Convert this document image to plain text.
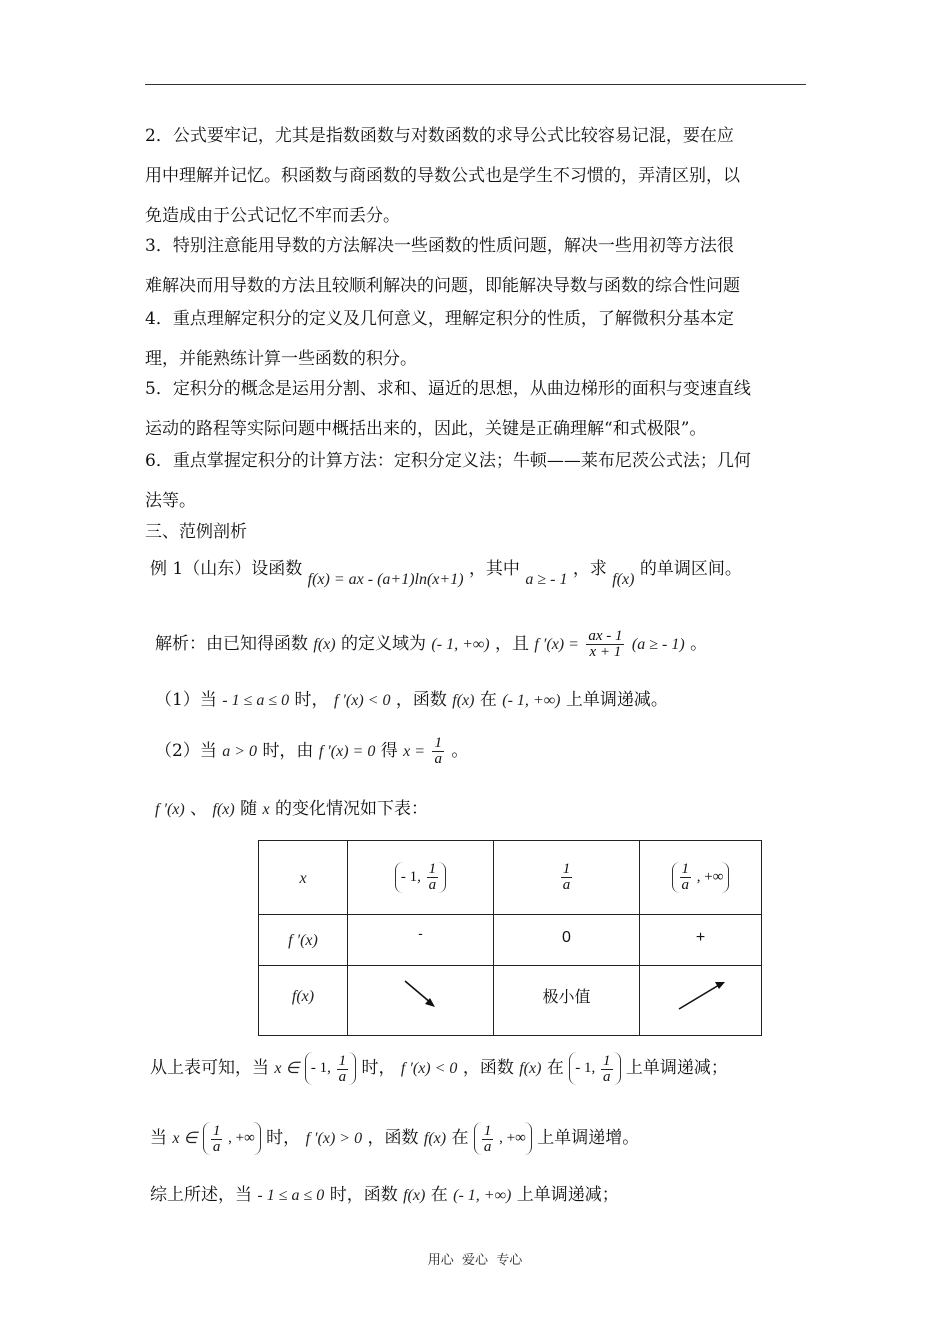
2．公式要牢记，尤其是指数函数与对数函数的求导公式比较容易记混，要在应
用中理解并记忆。积函数与商函数的导数公式也是学生不习惯的，弄清区别，以
免造成由于公式记忆不牢而丢分。
3．特别注意能用导数的方法解决一些函数的性质问题，解决一些用初等方法很
难解决而用导数的方法且较顺利解决的问题，即能解决导数与函数的综合性问题
4．重点理解定积分的定义及几何意义，理解定积分的性质，了解微积分基本定
理，并能熟练计算一些函数的积分。
5．定积分的概念是运用分割、求和、逼近的思想，从曲边梯形的面积与变速直线
运动的路程等实际问题中概括出来的，因此，关键是正确理解“和式极限”。
6．重点掌握定积分的计算方法：定积分定义法；牛顿——莱布尼茨公式法；几何
法等。
三、范例剖析
例 1（山东）设函数 f(x) = ax - (a+1)ln(x+1) ，其中 a ≥ - 1 ，求 f(x) 的单调区间。
解析：由已知得函数 f(x) 的定义域为 (- 1, +∞) ，且 f $'(x) = \frac{ax - 1}{x + 1} (a$ ≥ - 1) 。
（1）当 - 1 ≤ a ≤ 0 时， f ′(x) < 0 ，函数 f(x) 在 (- 1, +∞) 上单调递减。
（2）当 a > 0 时，由 f ′(x) = 0 得 $x = \frac{1}{a}$ 。
f ′(x) 、 f(x) 随 x 的变化情况如下表：
x	- 1, $\frac{1}{a}$	$\frac{1}{a}$	$\frac{1}{a}$ , +∞
f ′(x)	-	0	+
f(x)		极小值	
从上表可知，当 x ∈ - 1, $\frac{1}{a}$ 时， f ′(x) < 0 ，函数 f(x) 在 - 1, $\frac{1}{a}$ 上单调递减；
当 x ∈ $\frac{1}{a}$ , +∞ 时， f ′(x) > 0 ，函数 f(x) 在 $\frac{1}{a}$ , +∞ 上单调递增。
综上所述，当 - 1 ≤ a ≤ 0 时，函数 f(x) 在 (- 1, +∞) 上单调递减；
用心  爱心  专心
